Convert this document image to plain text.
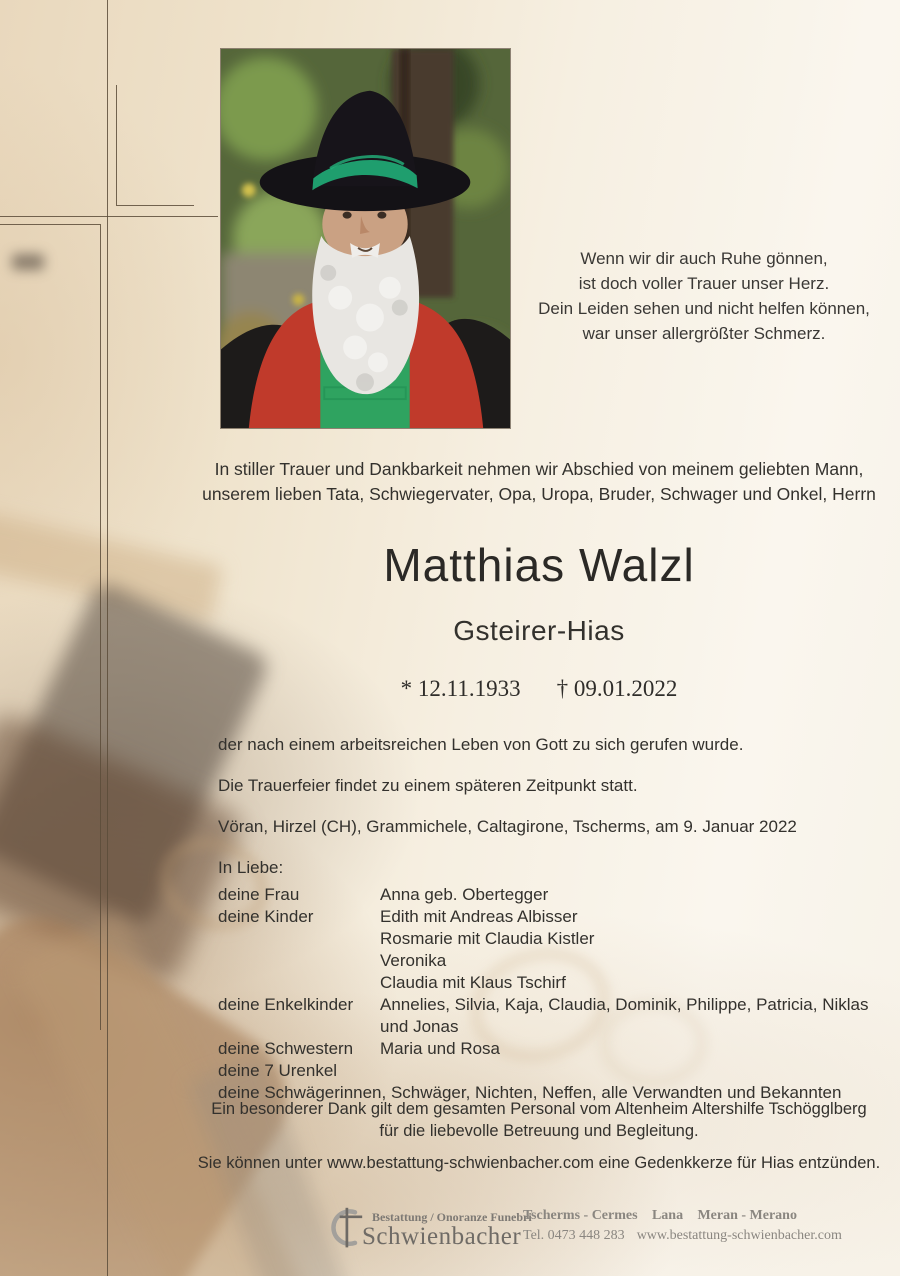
Wenn wir dir auch Ruhe gönnen,
ist doch voller Trauer unser Herz.
Dein Leiden sehen und nicht helfen können,
war unser allergrößter Schmerz.
In stiller Trauer und Dankbarkeit nehmen wir Abschied von meinem geliebten Mann,
unserem lieben Tata, Schwiegervater, Opa, Uropa, Bruder, Schwager und Onkel, Herrn
Matthias Walzl
Gsteirer-Hias
* 12.11.1933 † 09.01.2022
der nach einem arbeitsreichen Leben von Gott zu sich gerufen wurde.
Die Trauerfeier findet zu einem späteren Zeitpunkt statt.
Vöran, Hirzel (CH), Grammichele, Caltagirone, Tscherms, am 9. Januar 2022
In Liebe:
deine Frau	Anna geb. Obertegger
deine Kinder	Edith mit Andreas Albisser
Rosmarie mit Claudia Kistler
Veronika
Claudia mit Klaus Tschirf
deine Enkelkinder	Annelies, Silvia, Kaja, Claudia, Dominik, Philippe, Patricia, Niklas und Jonas
deine Schwestern	Maria und Rosa
deine 7 Urenkel
deine Schwägerinnen, Schwäger, Nichten, Neffen, alle Verwandten und Bekannten
Ein besonderer Dank gilt dem gesamten Personal vom Altenheim Altershilfe Tschögglberg
für die liebevolle Betreuung und Begleitung.
Sie können unter www.bestattung-schwienbacher.com eine Gedenkkerze für Hias entzünden.
Bestattung / Onoranze Funebri
Schwienbacher
Tscherms - Cermes Lana Meran - Merano
Tel. 0473 448 283 www.bestattung-schwienbacher.com
